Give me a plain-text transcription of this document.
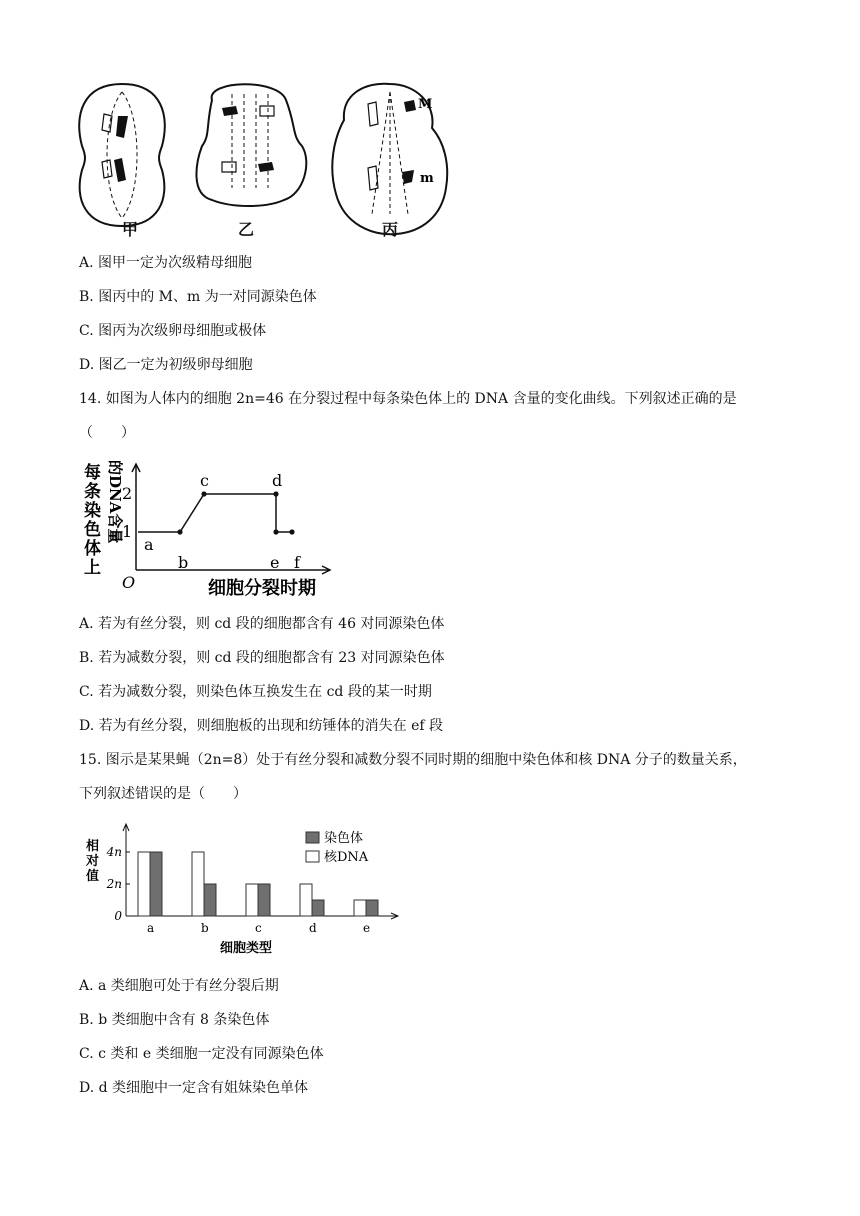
M
m
甲	乙	丙
A. 图甲一定为次级精母细胞
B. 图丙中的 M、m 为一对同源染色体
C. 图丙为次级卵母细胞或极体
D. 图乙一定为初级卵母细胞
14. 如图为人体内的细胞 2n=46 在分裂过程中每条染色体上的 DNA 含量的变化曲线。下列叙述正确的是
（　　）
每
条
染
色
体
上
的DNA含量
1
2
O	细胞分裂时期
a
b
c	d
e f
A. 若为有丝分裂，则 cd 段的细胞都含有 46 对同源染色体
B. 若为减数分裂，则 cd 段的细胞都含有 23 对同源染色体
C. 若为减数分裂，则染色体互换发生在 cd 段的某一时期
D. 若为有丝分裂，则细胞板的出现和纺锤体的消失在 ef 段
15. 图示是某果蝇（2n=8）处于有丝分裂和减数分裂不同时期的细胞中染色体和核 DNA 分子的数量关系，
下列叙述错误的是（　　）
相
对
值
0
2n
4n
a	b	c	d	e
细胞类型
染色体
核DNA
A. a 类细胞可处于有丝分裂后期
B. b 类细胞中含有 8 条染色体
C. c 类和 e 类细胞一定没有同源染色体
D. d 类细胞中一定含有姐妹染色单体
